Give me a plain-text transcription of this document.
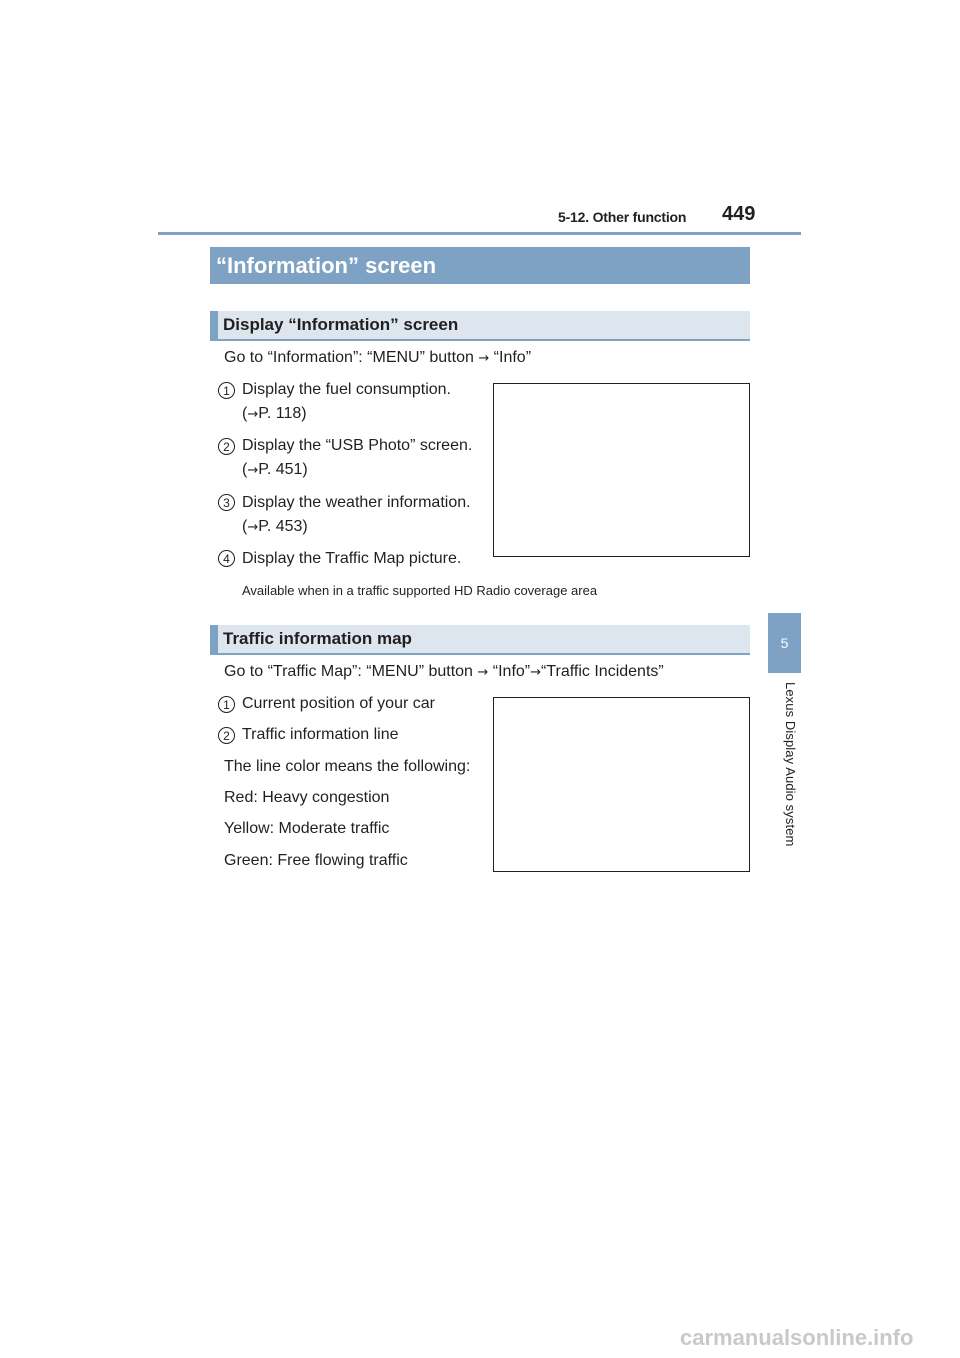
5-12. Other function 449
5
Lexus Display Audio system
“Information” screen
Display “Information” screen
Go to “Information”: “MENU” button → “Info”
1 Display the fuel consumption.
(→P. 118)
2 Display the “USB Photo” screen.
(→P. 451)
3 Display the weather information.
(→P. 453)
4 Display the Traffic Map picture.
Available when in a traffic supported HD Radio coverage area
Traffic information map
Go to “Traffic Map”: “MENU” button → “Info”→“Traffic Incidents”
1 Current position of your car
2 Traffic information line
The line color means the following:
Red: Heavy congestion
Yellow: Moderate traffic
Green: Free flowing traffic
carmanualsonline.info
